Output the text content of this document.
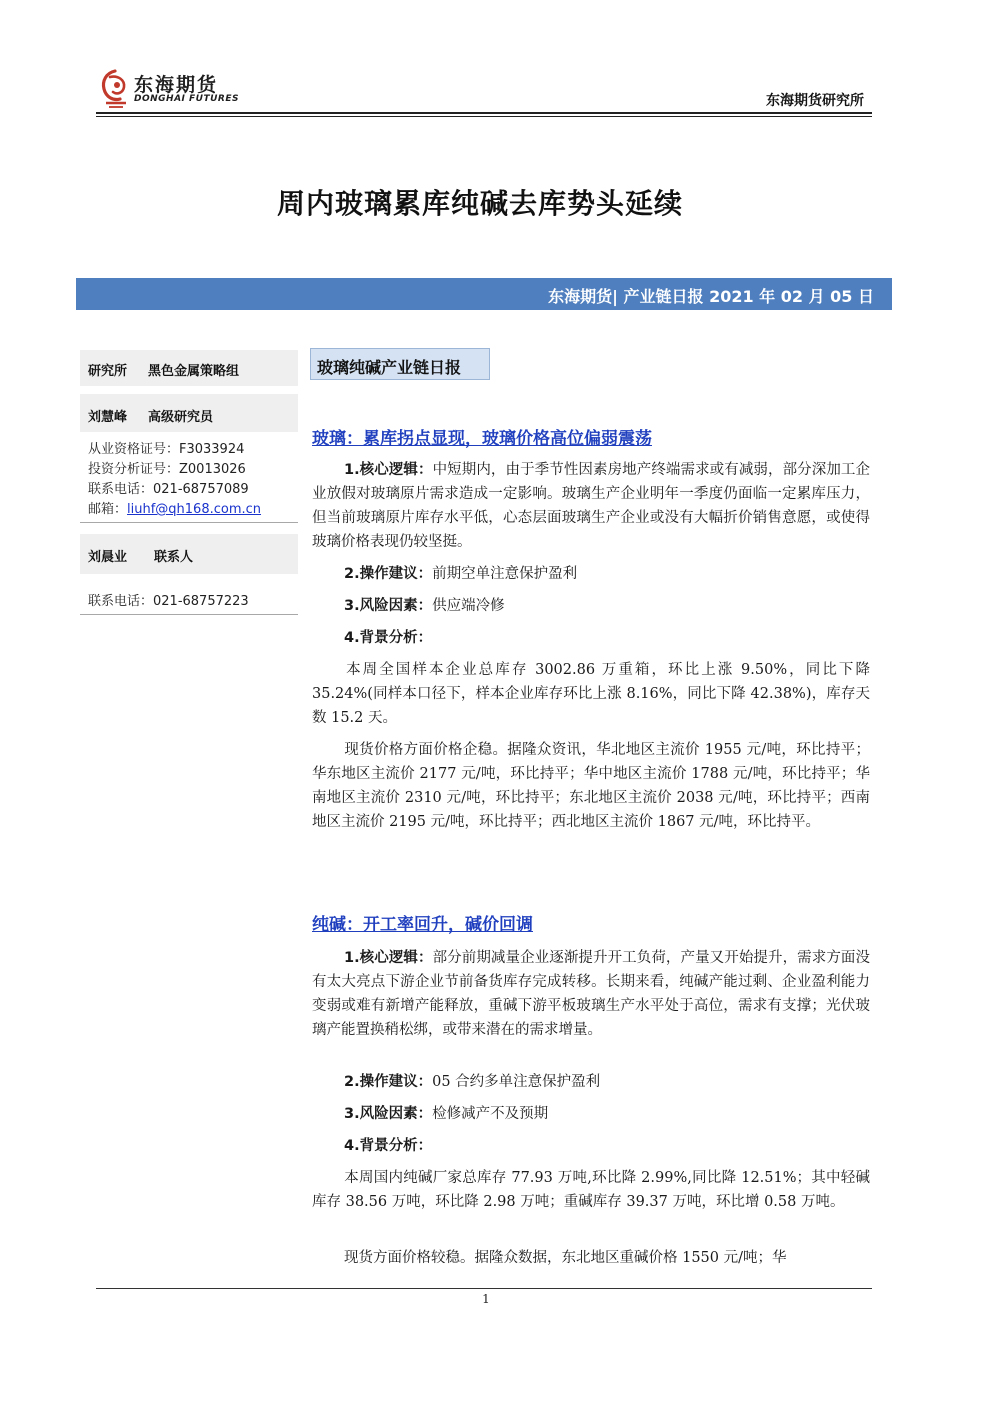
东海期货
DONGHAI FUTURES	东海期货研究所
周内玻璃累库纯碱去库势头延续
东海期货| 产业链日报 2021 年 02 月 05 日
研究所 黑色金属策略组
刘慧峰 高级研究员
从业资格证号：F3033924
投资分析证号：Z0013026
联系电话：021-68757089
邮箱：liuhf@qh168.com.cn
刘晨业 联系人
联系电话：021-68757223
玻璃纯碱产业链日报
玻璃：累库拐点显现，玻璃价格高位偏弱震荡
1.核心逻辑：中短期内，由于季节性因素房地产终端需求或有减弱，部分深加工企业放假对玻璃原片需求造成一定影响。玻璃生产企业明年一季度仍面临一定累库压力，但当前玻璃原片库存水平低，心态层面玻璃生产企业或没有大幅折价销售意愿，或使得玻璃价格表现仍较坚挺。
2.操作建议：前期空单注意保护盈利
3.风险因素：供应端冷修
4.背景分析：
本周全国样本企业总库存 3002.86 万重箱，环比上涨 9.50%，同比下降 35.24%(同样本口径下，样本企业库存环比上涨 8.16%，同比下降 42.38%)，库存天数 15.2 天。
现货价格方面价格企稳。据隆众资讯，华北地区主流价 1955 元/吨，环比持平；华东地区主流价 2177 元/吨，环比持平；华中地区主流价 1788 元/吨，环比持平；华南地区主流价 2310 元/吨，环比持平；东北地区主流价 2038 元/吨，环比持平；西南地区主流价 2195 元/吨，环比持平；西北地区主流价 1867 元/吨，环比持平。
纯碱：开工率回升，碱价回调
1.核心逻辑：部分前期减量企业逐渐提升开工负荷，产量又开始提升，需求方面没有太大亮点下游企业节前备货库存完成转移。长期来看，纯碱产能过剩、企业盈利能力变弱或难有新增产能释放，重碱下游平板玻璃生产水平处于高位，需求有支撑；光伏玻璃产能置换稍松绑，或带来潜在的需求增量。
2.操作建议：05 合约多单注意保护盈利
3.风险因素：检修减产不及预期
4.背景分析：
本周国内纯碱厂家总库存 77.93 万吨,环比降 2.99%,同比降 12.51%；其中轻碱库存 38.56 万吨，环比降 2.98 万吨；重碱库存 39.37 万吨，环比增 0.58 万吨。
现货方面价格较稳。据隆众数据，东北地区重碱价格 1550 元/吨；华
1
